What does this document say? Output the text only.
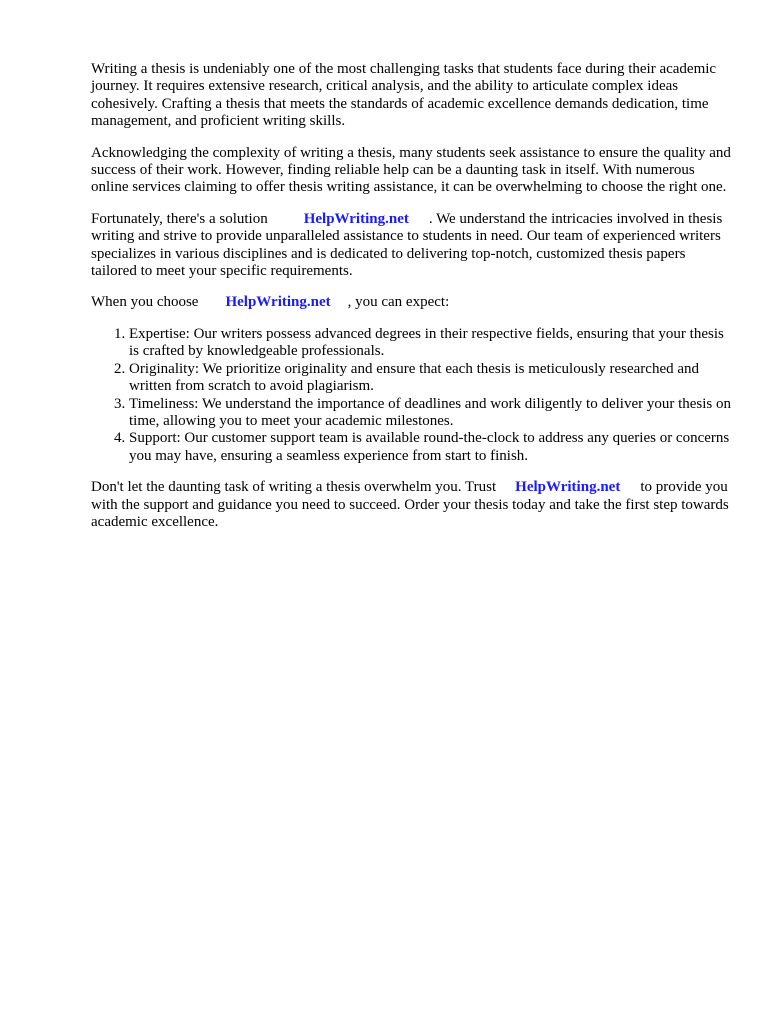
Writing a thesis is undeniably one of the most challenging tasks that students face during their academic journey. It requires extensive research, critical analysis, and the ability to articulate complex ideas cohesively. Crafting a thesis that meets the standards of academic excellence demands dedication, time management, and proficient writing skills.

Acknowledging the complexity of writing a thesis, many students seek assistance to ensure the quality and success of their work. However, finding reliable help can be a daunting task in itself. With numerous online services claiming to offer thesis writing assistance, it can be overwhelming to choose the right one.

Fortunately, there's a solution HelpWriting.net . We understand the intricacies involved in thesis writing and strive to provide unparalleled assistance to students in need. Our team of experienced writers specializes in various disciplines and is dedicated to delivering top-notch, customized thesis papers tailored to meet your specific requirements.

When you choose HelpWriting.net , you can expect:

1. Expertise: Our writers possess advanced degrees in their respective fields, ensuring that your thesis is crafted by knowledgeable professionals.
2. Originality: We prioritize originality and ensure that each thesis is meticulously researched and written from scratch to avoid plagiarism.
3. Timeliness: We understand the importance of deadlines and work diligently to deliver your thesis on time, allowing you to meet your academic milestones.
4. Support: Our customer support team is available round-the-clock to address any queries or concerns you may have, ensuring a seamless experience from start to finish.

Don't let the daunting task of writing a thesis overwhelm you. Trust HelpWriting.net to provide you with the support and guidance you need to succeed. Order your thesis today and take the first step towards academic excellence.
